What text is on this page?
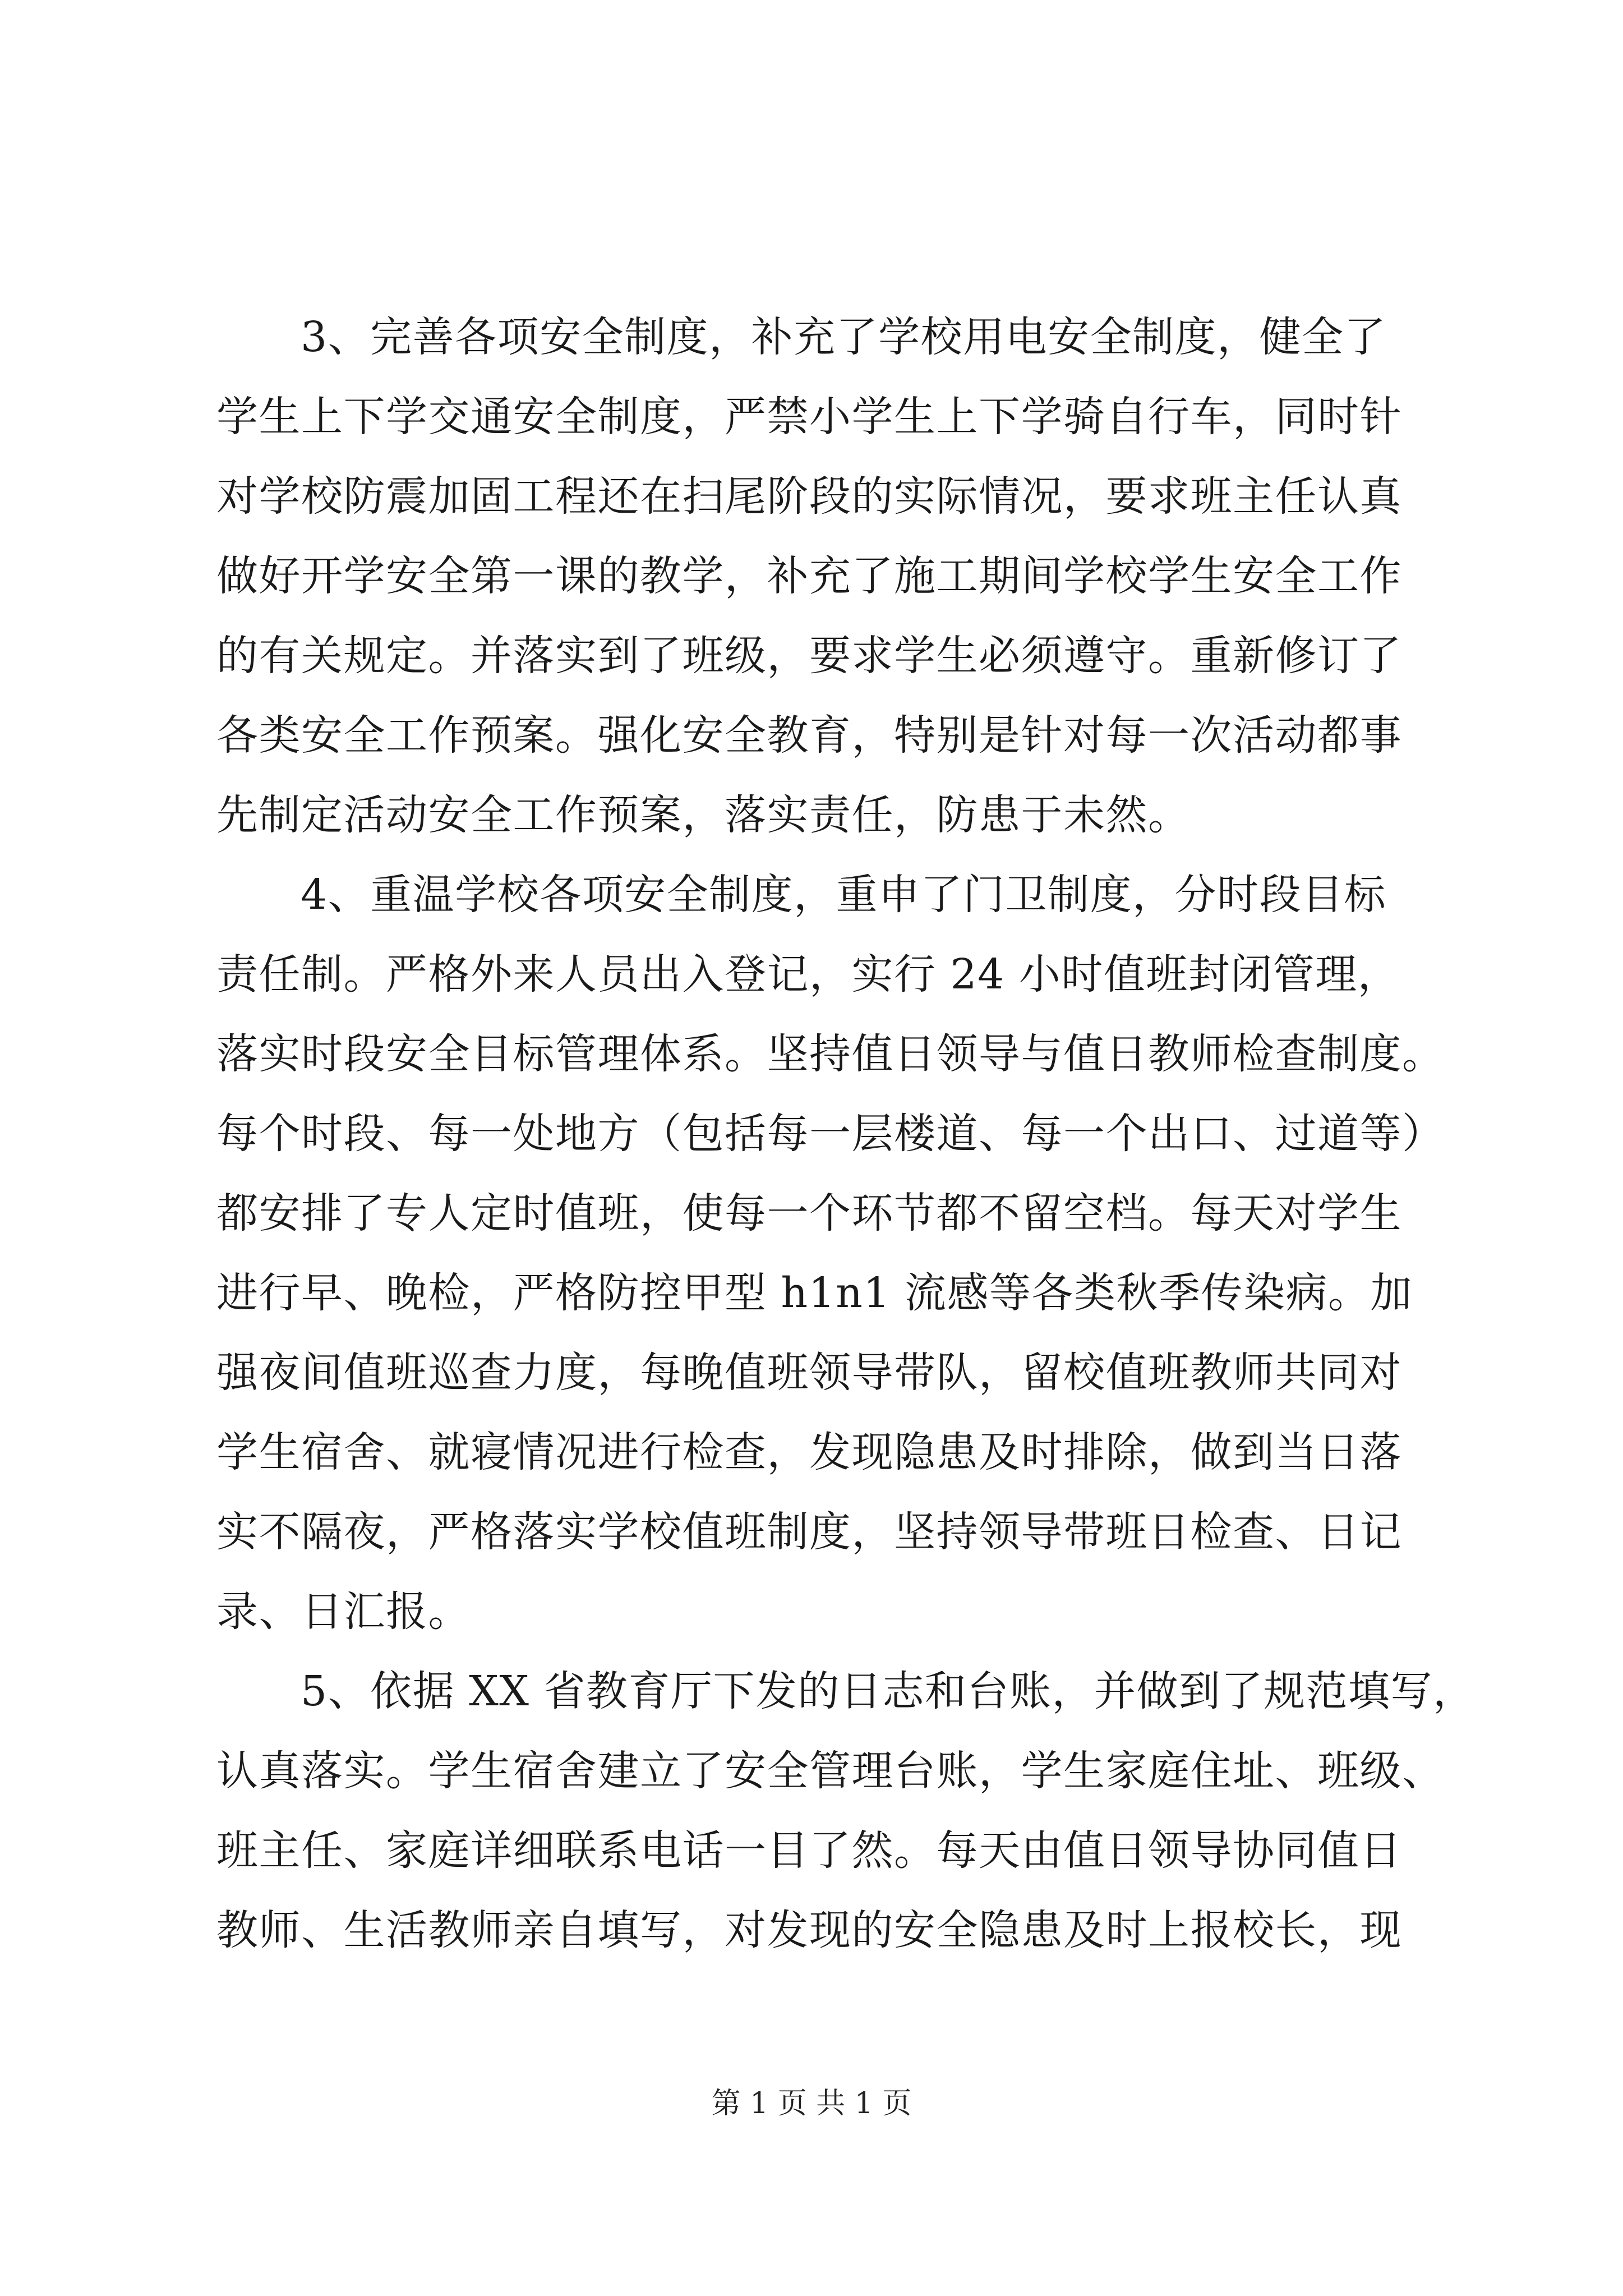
3、完善各项安全制度，补充了学校用电安全制度，健全了
学生上下学交通安全制度，严禁小学生上下学骑自行车，同时针
对学校防震加固工程还在扫尾阶段的实际情况，要求班主任认真
做好开学安全第一课的教学，补充了施工期间学校学生安全工作
的有关规定。并落实到了班级，要求学生必须遵守。重新修订了
各类安全工作预案。强化安全教育，特别是针对每一次活动都事
先制定活动安全工作预案，落实责任，防患于未然。
4、重温学校各项安全制度，重申了门卫制度，分时段目标
责任制。严格外来人员出入登记，实行 24 小时值班封闭管理，
落实时段安全目标管理体系。坚持值日领导与值日教师检查制度。
每个时段、每一处地方（包括每一层楼道、每一个出口、过道等）
都安排了专人定时值班，使每一个环节都不留空档。每天对学生
进行早、晚检，严格防控甲型 h1n1 流感等各类秋季传染病。加
强夜间值班巡查力度，每晚值班领导带队，留校值班教师共同对
学生宿舍、就寝情况进行检查，发现隐患及时排除，做到当日落
实不隔夜，严格落实学校值班制度，坚持领导带班日检查、日记
录、日汇报。
5、依据 XX 省教育厅下发的日志和台账，并做到了规范填写，
认真落实。学生宿舍建立了安全管理台账，学生家庭住址、班级、
班主任、家庭详细联系电话一目了然。每天由值日领导协同值日
教师、生活教师亲自填写，对发现的安全隐患及时上报校长，现
第 1 页 共 1 页
